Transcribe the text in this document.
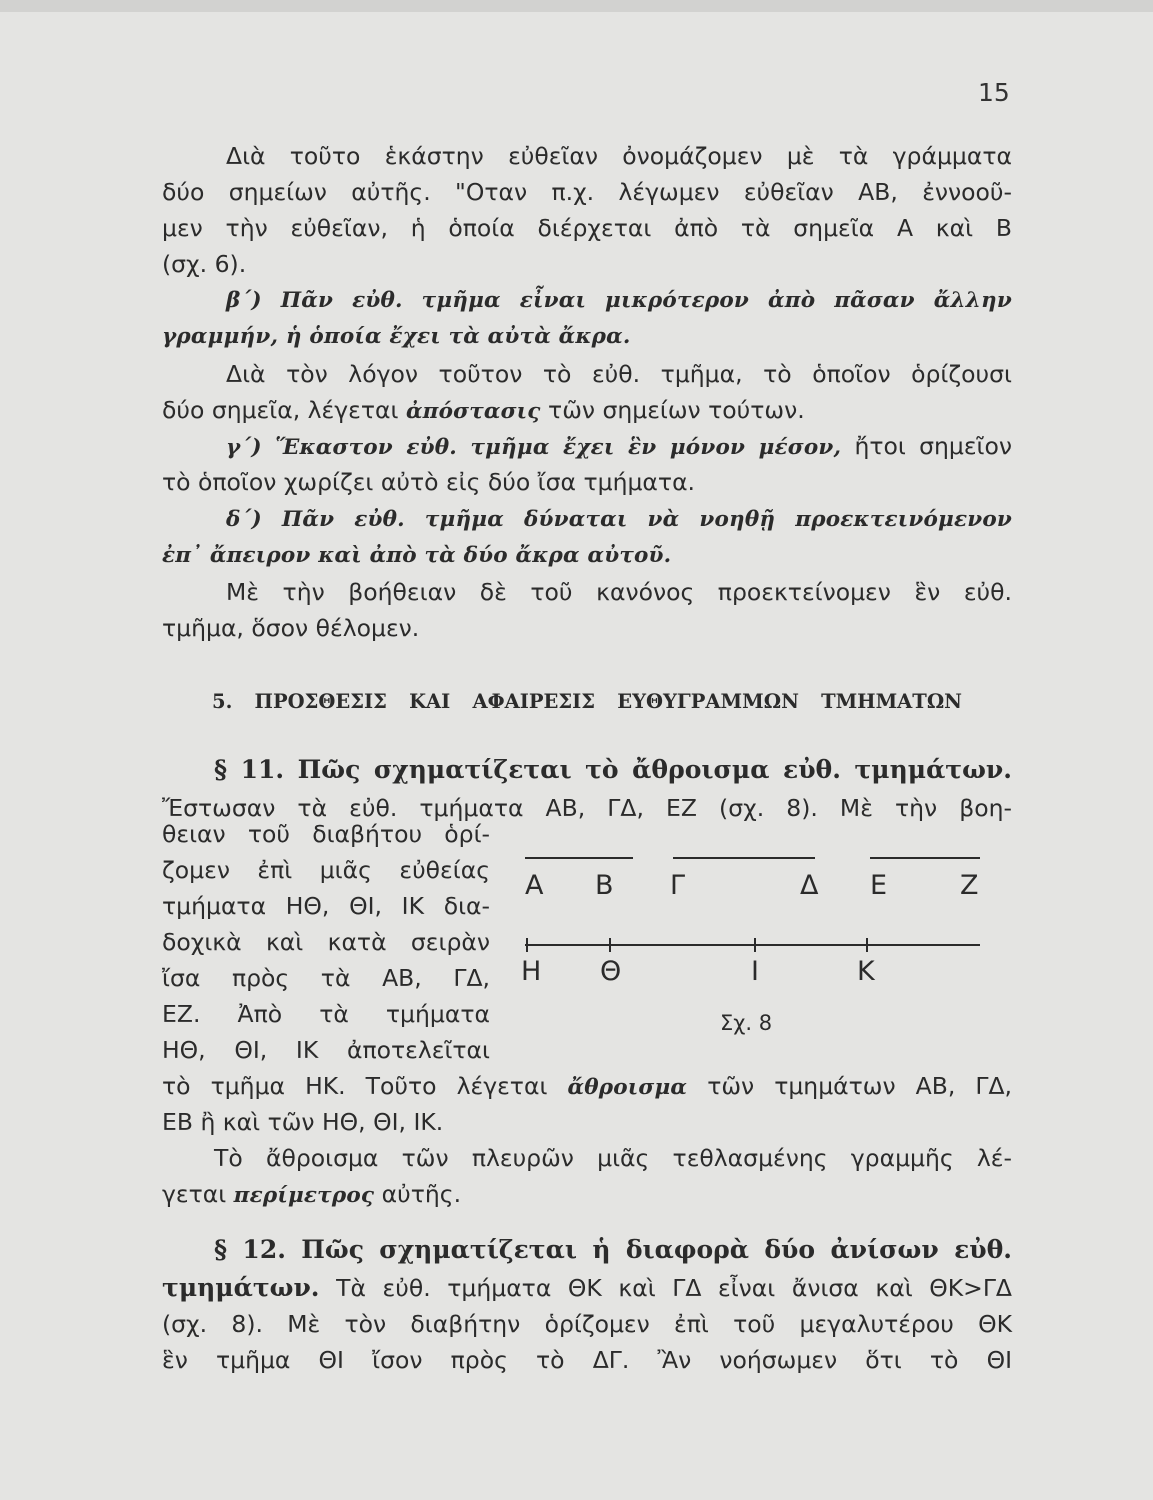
15
Διὰ τοῦτο ἑκάστην εὐθεῖαν ὀνομάζομεν μὲ τὰ γράμματα
δύο σημείων αὐτῆς. "Οταν π.χ. λέγωμεν εὐθεῖαν ΑΒ, ἐννοοῦ-
μεν τὴν εὐθεῖαν, ἡ ὁποία διέρχεται ἀπὸ τὰ σημεῖα Α καὶ Β
(σχ. 6).
β΄) Πᾶν εὐθ. τμῆμα εἶναι μικρότερον ἀπὸ πᾶσαν ἄλλην
γραμμήν, ἡ ὁποία ἔχει τὰ αὐτὰ ἄκρα.
Διὰ τὸν λόγον τοῦτον τὸ εὐθ. τμῆμα, τὸ ὁποῖον ὁρίζουσι
δύο σημεῖα, λέγεται ἀπόστασις τῶν σημείων τούτων.
γ΄) Ἕκαστον εὐθ. τμῆμα ἔχει ἓν μόνον μέσον, ἤτοι σημεῖον
τὸ ὁποῖον χωρίζει αὐτὸ εἰς δύο ἴσα τμήματα.
δ΄) Πᾶν εὐθ. τμῆμα δύναται νὰ νοηθῇ προεκτεινόμενον
ἐπ᾽ ἄπειρον καὶ ἀπὸ τὰ δύο ἄκρα αὐτοῦ.
Μὲ τὴν βοήθειαν δὲ τοῦ κανόνος προεκτείνομεν ἓν εὐθ.
τμῆμα, ὅσον θέλομεν.
5. ΠΡΟΣΘΕΣΙΣ ΚΑΙ ΑΦΑΙΡΕΣΙΣ ΕΥΘΥΓΡΑΜΜΩΝ ΤΜΗΜΑΤΩΝ
§ 11. Πῶς σχηματίζεται τὸ ἄθροισμα εὐθ. τμημάτων.
Ἔστωσαν τὰ εὐθ. τμήματα ΑΒ, ΓΔ, ΕΖ (σχ. 8). Μὲ τὴν βοη-
θειαν τοῦ διαβήτου ὁρί-
ζομεν ἐπὶ μιᾶς εὐθείας
τμήματα ΗΘ, ΘΙ, ΙΚ δια-
δοχικὰ καὶ κατὰ σειρὰν
ἴσα πρὸς τὰ ΑΒ, ΓΔ,
ΕΖ. Ἀπὸ τὰ τμήματα
ΗΘ, ΘΙ, ΙΚ ἀποτελεῖται
τὸ τμῆμα ΗΚ. Τοῦτο λέγεται ἄθροισμα τῶν τμημάτων ΑΒ, ΓΔ,
ΕΒ ἢ καὶ τῶν ΗΘ, ΘΙ, ΙΚ.
Τὸ ἄθροισμα τῶν πλευρῶν μιᾶς τεθλασμένης γραμμῆς λέ-
γεται περίμετρος αὐτῆς.
§ 12. Πῶς σχηματίζεται ἡ διαφορὰ δύο ἀνίσων εὐθ.
τμημάτων. Τὰ εὐθ. τμήματα ΘΚ καὶ ΓΔ εἶναι ἄνισα καὶ ΘΚ>ΓΔ
(σχ. 8). Μὲ τὸν διαβήτην ὁρίζομεν ἐπὶ τοῦ μεγαλυτέρου ΘΚ
ἓν τμῆμα ΘΙ ἴσον πρὸς τὸ ΔΓ. Ἂν νοήσωμεν ὅτι τὸ ΘΙ
Α Β Γ	Δ Ε	Ζ
Η Θ	Ι	Κ
Σχ. 8
